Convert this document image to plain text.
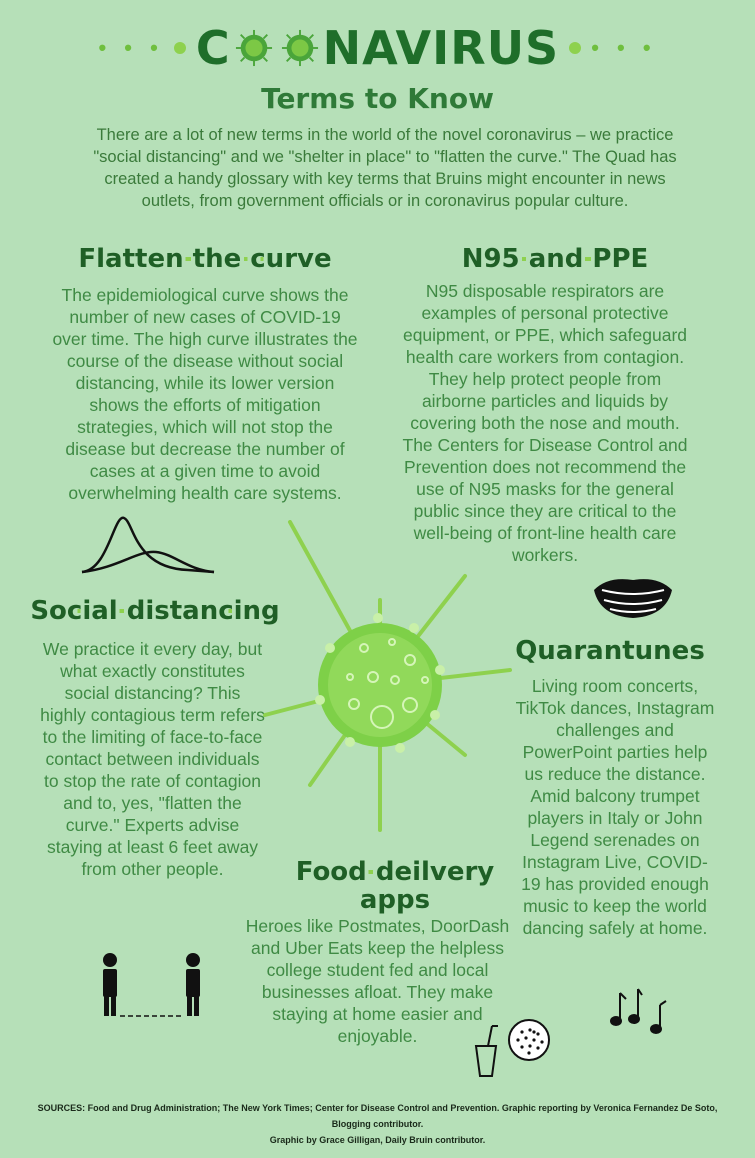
• • • C NAVIRUS • • •
Terms to Know
There are a lot of new terms in the world of the novel coronavirus – we practice "social distancing" and we "shelter in place" to "flatten the curve." The Quad has created a handy glossary with key terms that Bruins might encounter in news outlets, from government officials or in coronavirus popular culture.
Flatten the curve
The epidemiological curve shows the number of new cases of COVID-19 over time. The high curve illustrates the course of the disease without social distancing, while its lower version shows the efforts of mitigation strategies, which will not stop the disease but decrease the number of cases at a given time to avoid overwhelming health care systems.
N95 and PPE
N95 disposable respirators are examples of personal protective equipment, or PPE, which safeguard health care workers from contagion. They help protect people from airborne particles and liquids by covering both the nose and mouth. The Centers for Disease Control and Prevention does not recommend the use of N95 masks for the general public since they are critical to the well-being of front-line health care workers.
Social distancing
We practice it every day, but what exactly constitutes social distancing? This highly contagious term refers to the limiting of face-to-face contact between individuals to stop the rate of contagion and to, yes, "flatten the curve." Experts advise staying at least 6 feet away from other people.
Quarantunes
Living room concerts, TikTok dances, Instagram challenges and PowerPoint parties help us reduce the distance. Amid balcony trumpet players in Italy or John Legend serenades on Instagram Live, COVID-19 has provided enough music to keep the world dancing safely at home.
Food deilvery
apps
Heroes like Postmates, DoorDash and Uber Eats keep the helpless college student fed and local businesses afloat. They make staying at home easier and enjoyable.
SOURCES: Food and Drug Administration; The New York Times; Center for Disease Control and Prevention. Graphic reporting by Veronica Fernandez De Soto, Blogging contributor.
Graphic by Grace Gilligan, Daily Bruin contributor.
